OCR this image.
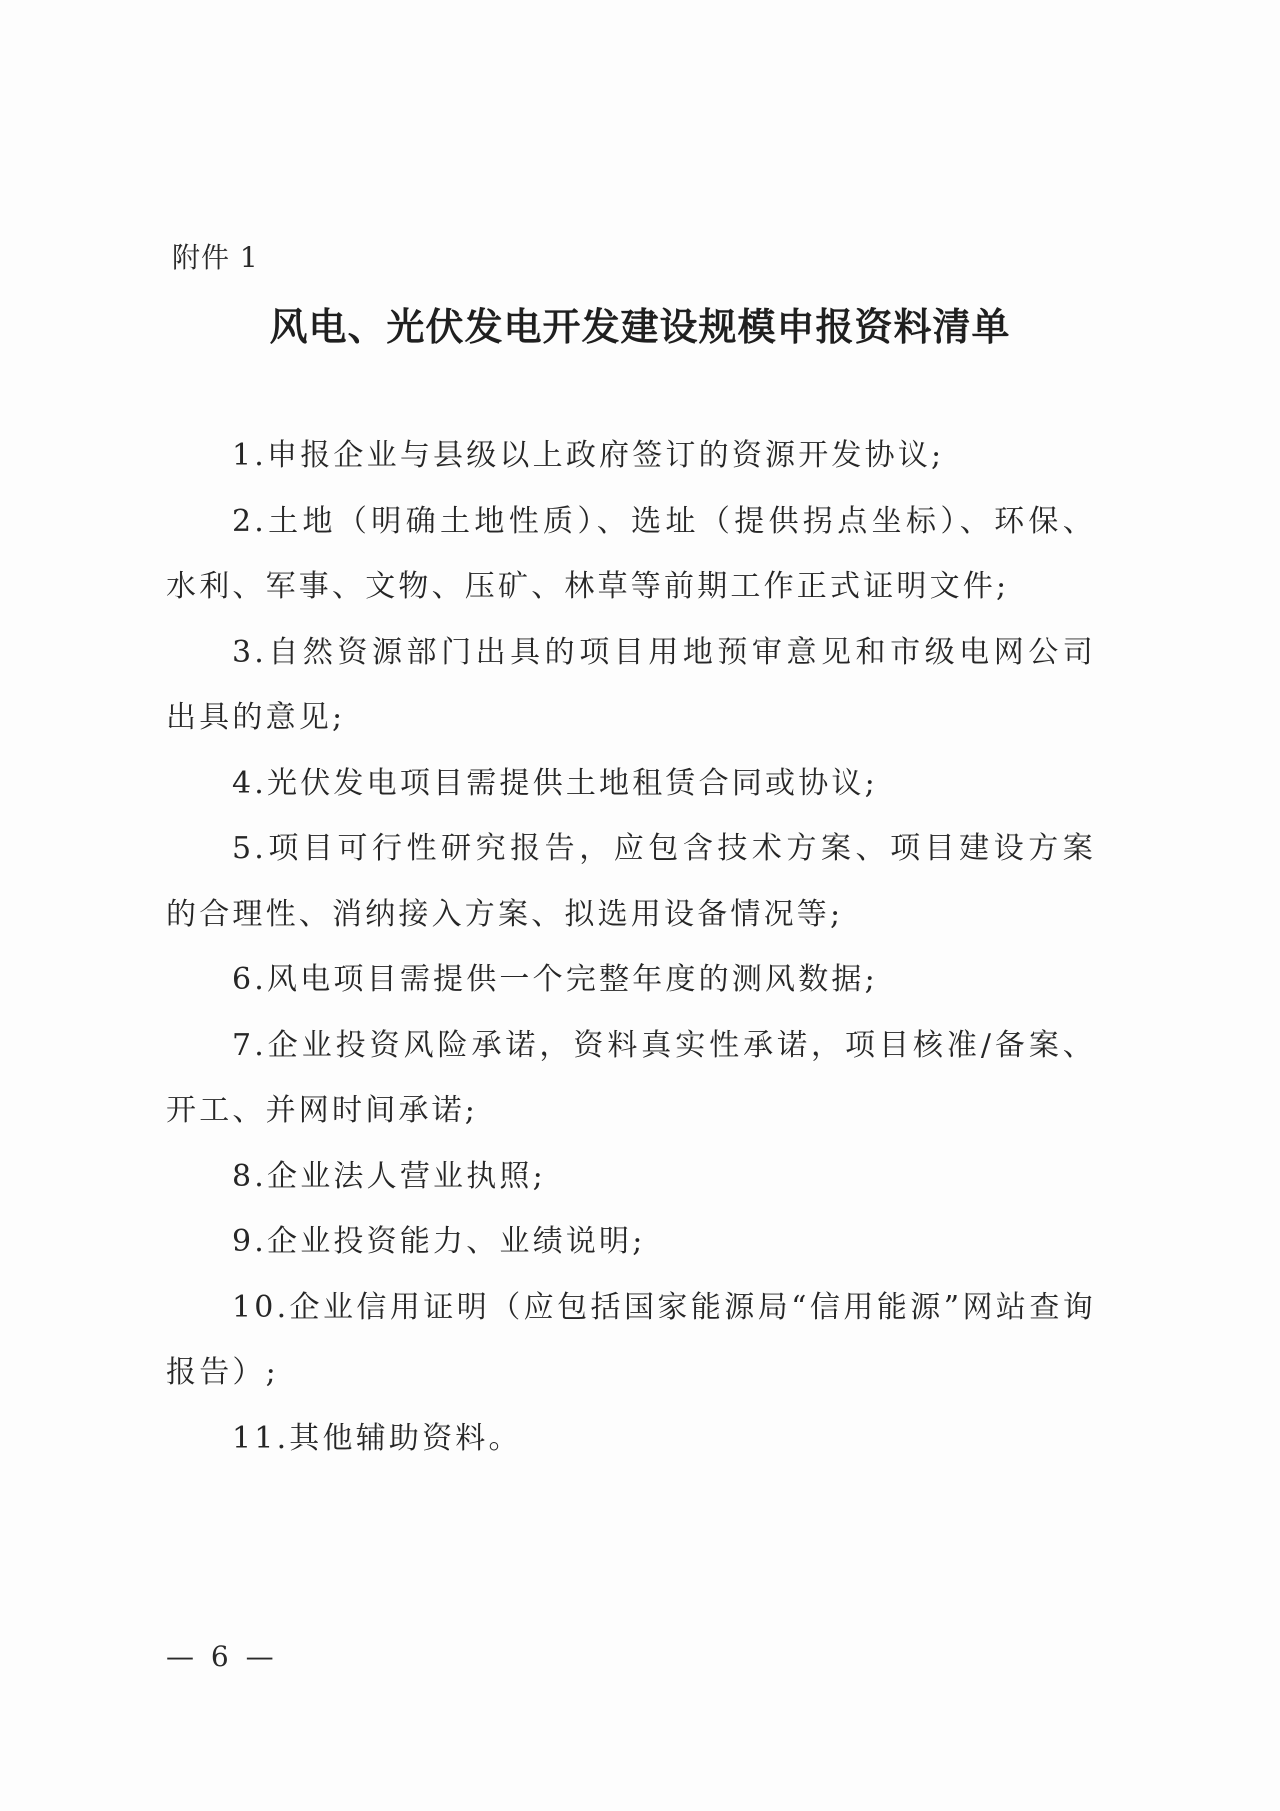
附件 1
风电、光伏发电开发建设规模申报资料清单

1.申报企业与县级以上政府签订的资源开发协议;

2.土地（明确土地性质）、选址（提供拐点坐标）、环保、水利、军事、文物、压矿、林草等前期工作正式证明文件;

3.自然资源部门出具的项目用地预审意见和市级电网公司出具的意见;

4.光伏发电项目需提供土地租赁合同或协议;

5.项目可行性研究报告，应包含技术方案、项目建设方案的合理性、消纳接入方案、拟选用设备情况等;

6.风电项目需提供一个完整年度的测风数据;

7.企业投资风险承诺，资料真实性承诺，项目核准/备案、开工、并网时间承诺;

8.企业法人营业执照;

9.企业投资能力、业绩说明;

10.企业信用证明（应包括国家能源局“信用能源”网站查询报告）;

11.其他辅助资料。

— 6 —
